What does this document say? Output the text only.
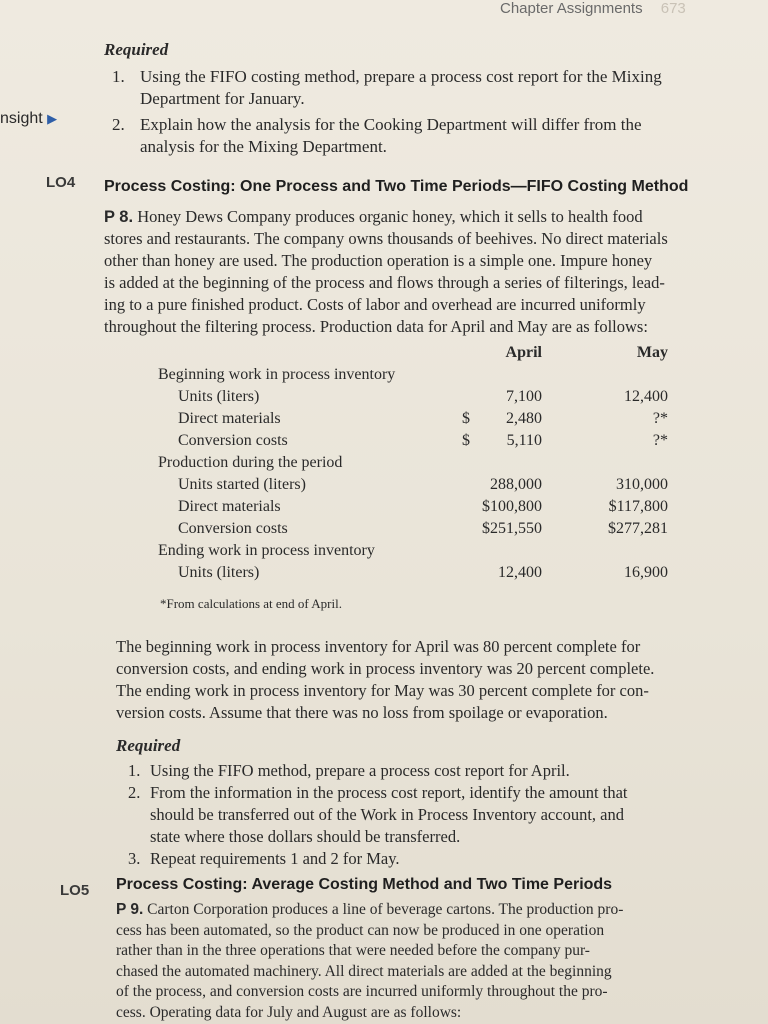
Chapter Assignments 673
Required
1. Using the FIFO costing method, prepare a process cost report for the Mixing
Department for January.
nsight ▶	2. Explain how the analysis for the Cooking Department will differ from the
analysis for the Mixing Department.
LO4 Process Costing: One Process and Two Time Periods—FIFO Costing Method
P 8. Honey Dews Company produces organic honey, which it sells to health food
stores and restaurants. The company owns thousands of beehives. No direct materials
other than honey are used. The production operation is a simple one. Impure honey
is added at the beginning of the process and flows through a series of filterings, lead-
ing to a pure finished product. Costs of labor and overhead are incurred uniformly
throughout the filtering process. Production data for April and May are as follows:
April	May
Beginning work in process inventory
Units (liters)	7,100	12,400
Direct materials	$ 2,480	?*
Conversion costs	$ 5,110	?*
Production during the period
Units started (liters)	288,000	310,000
Direct materials	$100,800	$117,800
Conversion costs	$251,550	$277,281
Ending work in process inventory
Units (liters)	12,400	16,900
*From calculations at end of April.
The beginning work in process inventory for April was 80 percent complete for
conversion costs, and ending work in process inventory was 20 percent complete.
The ending work in process inventory for May was 30 percent complete for con-
version costs. Assume that there was no loss from spoilage or evaporation.
Required
1. Using the FIFO method, prepare a process cost report for April.
2. From the information in the process cost report, identify the amount that
should be transferred out of the Work in Process Inventory account, and
state where those dollars should be transferred.
3. Repeat requirements 1 and 2 for May.
LO5 Process Costing: Average Costing Method and Two Time Periods
P 9. Carton Corporation produces a line of beverage cartons. The production pro-
cess has been automated, so the product can now be produced in one operation
rather than in the three operations that were needed before the company pur-
chased the automated machinery. All direct materials are added at the beginning
of the process, and conversion costs are incurred uniformly throughout the pro-
cess. Operating data for July and August are as follows:
